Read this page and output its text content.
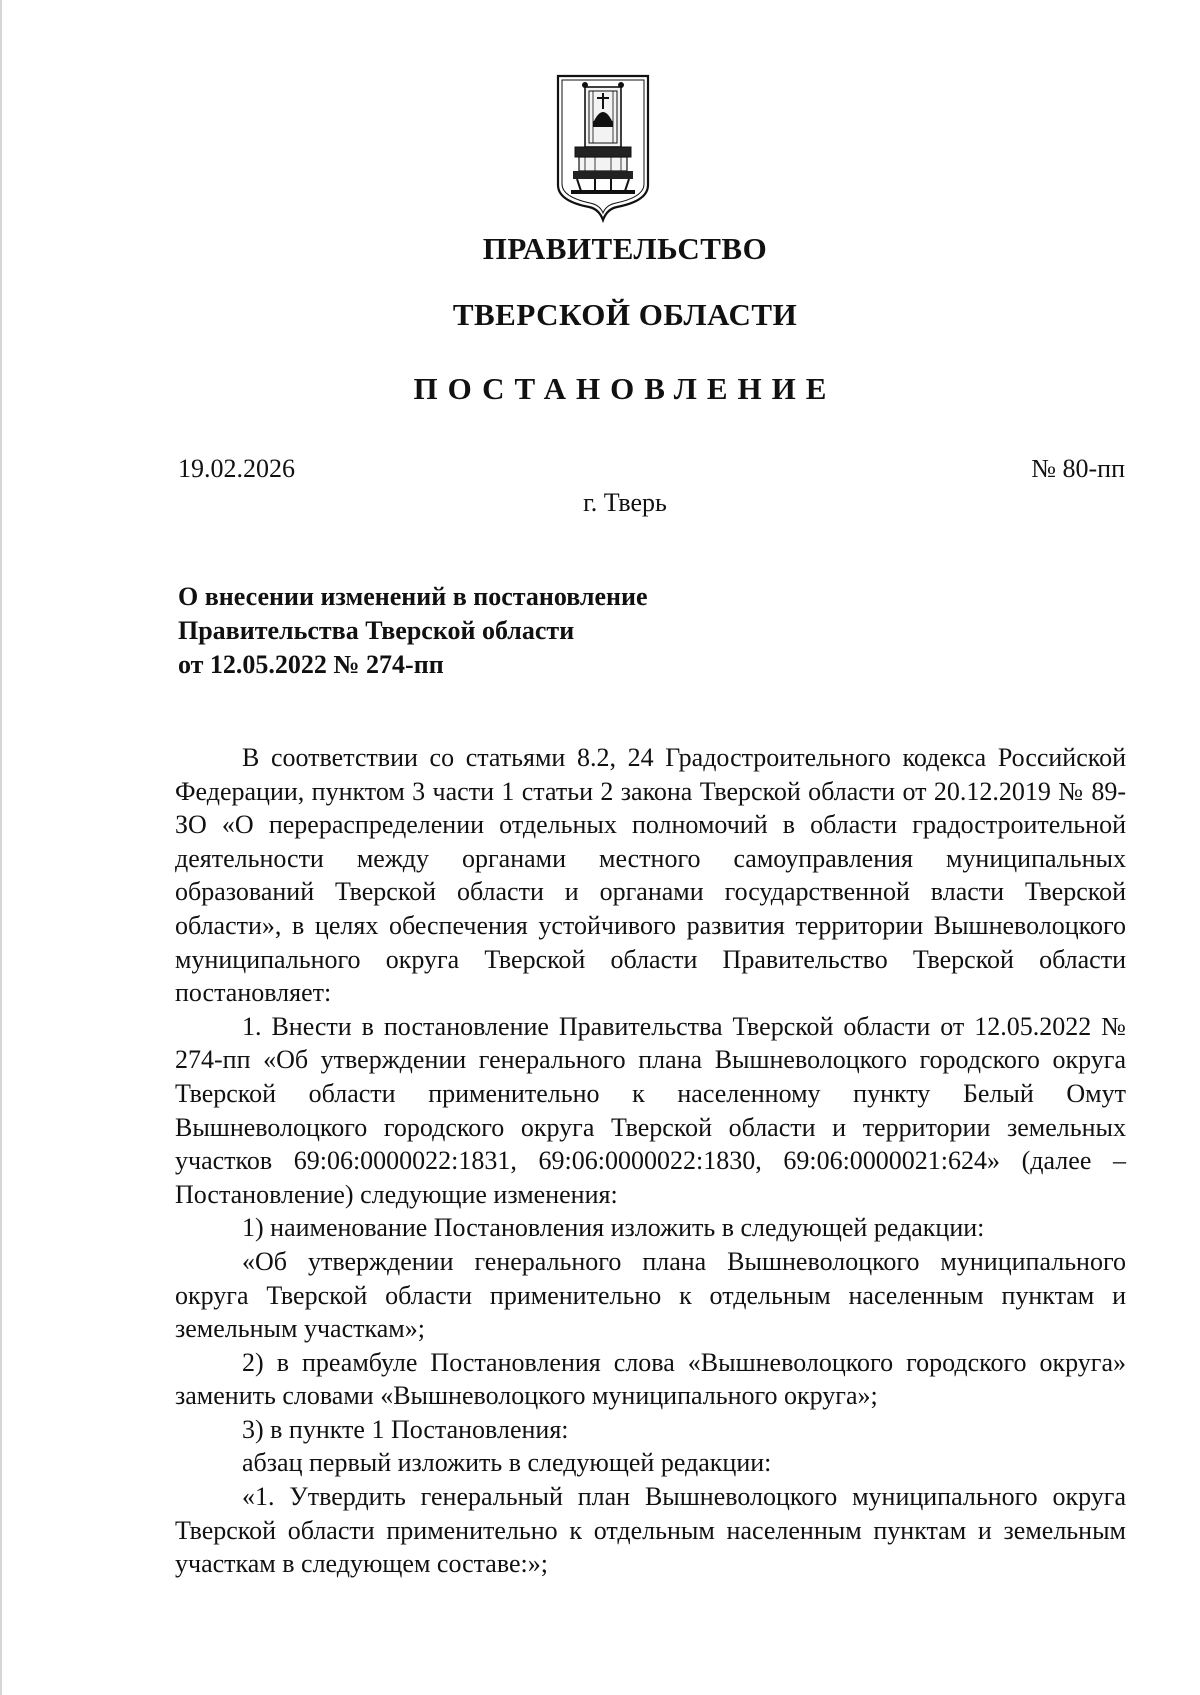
ПРАВИТЕЛЬСТВО
ТВЕРСКОЙ ОБЛАСТИ
ПОСТАНОВЛЕНИЕ
19.02.2026	№ 80-пп
г. Тверь
О внесении изменений в постановление
Правительства Тверской области
от 12.05.2022 № 274-пп

В соответствии со статьями 8.2, 24 Градостроительного кодекса Российской Федерации, пунктом 3 части 1 статьи 2 закона Тверской области от 20.12.2019 № 89-ЗО «О перераспределении отдельных полномочий в области градостроительной деятельности между органами местного самоуправления муниципальных образований Тверской области и органами государственной власти Тверской области», в целях обеспечения устойчивого развития территории Вышневолоцкого муниципального округа Тверской области Правительство Тверской области постановляет:

1. Внести в постановление Правительства Тверской области от 12.05.2022 № 274-пп «Об утверждении генерального плана Вышневолоцкого городского округа Тверской области применительно к населенному пункту Белый Омут Вышневолоцкого городского округа Тверской области и территории земельных участков 69:06:0000022:1831, 69:06:0000022:1830, 69:06:0000021:624» (далее – Постановление) следующие изменения:

1) наименование Постановления изложить в следующей редакции:

«Об утверждении генерального плана Вышневолоцкого муниципального округа Тверской области применительно к отдельным населенным пунктам и земельным участкам»;

2) в преамбуле Постановления слова «Вышневолоцкого городского округа» заменить словами «Вышневолоцкого муниципального округа»;

3) в пункте 1 Постановления:

абзац первый изложить в следующей редакции:

«1. Утвердить генеральный план Вышневолоцкого муниципального округа Тверской области применительно к отдельным населенным пунктам и земельным участкам в следующем составе:»;
